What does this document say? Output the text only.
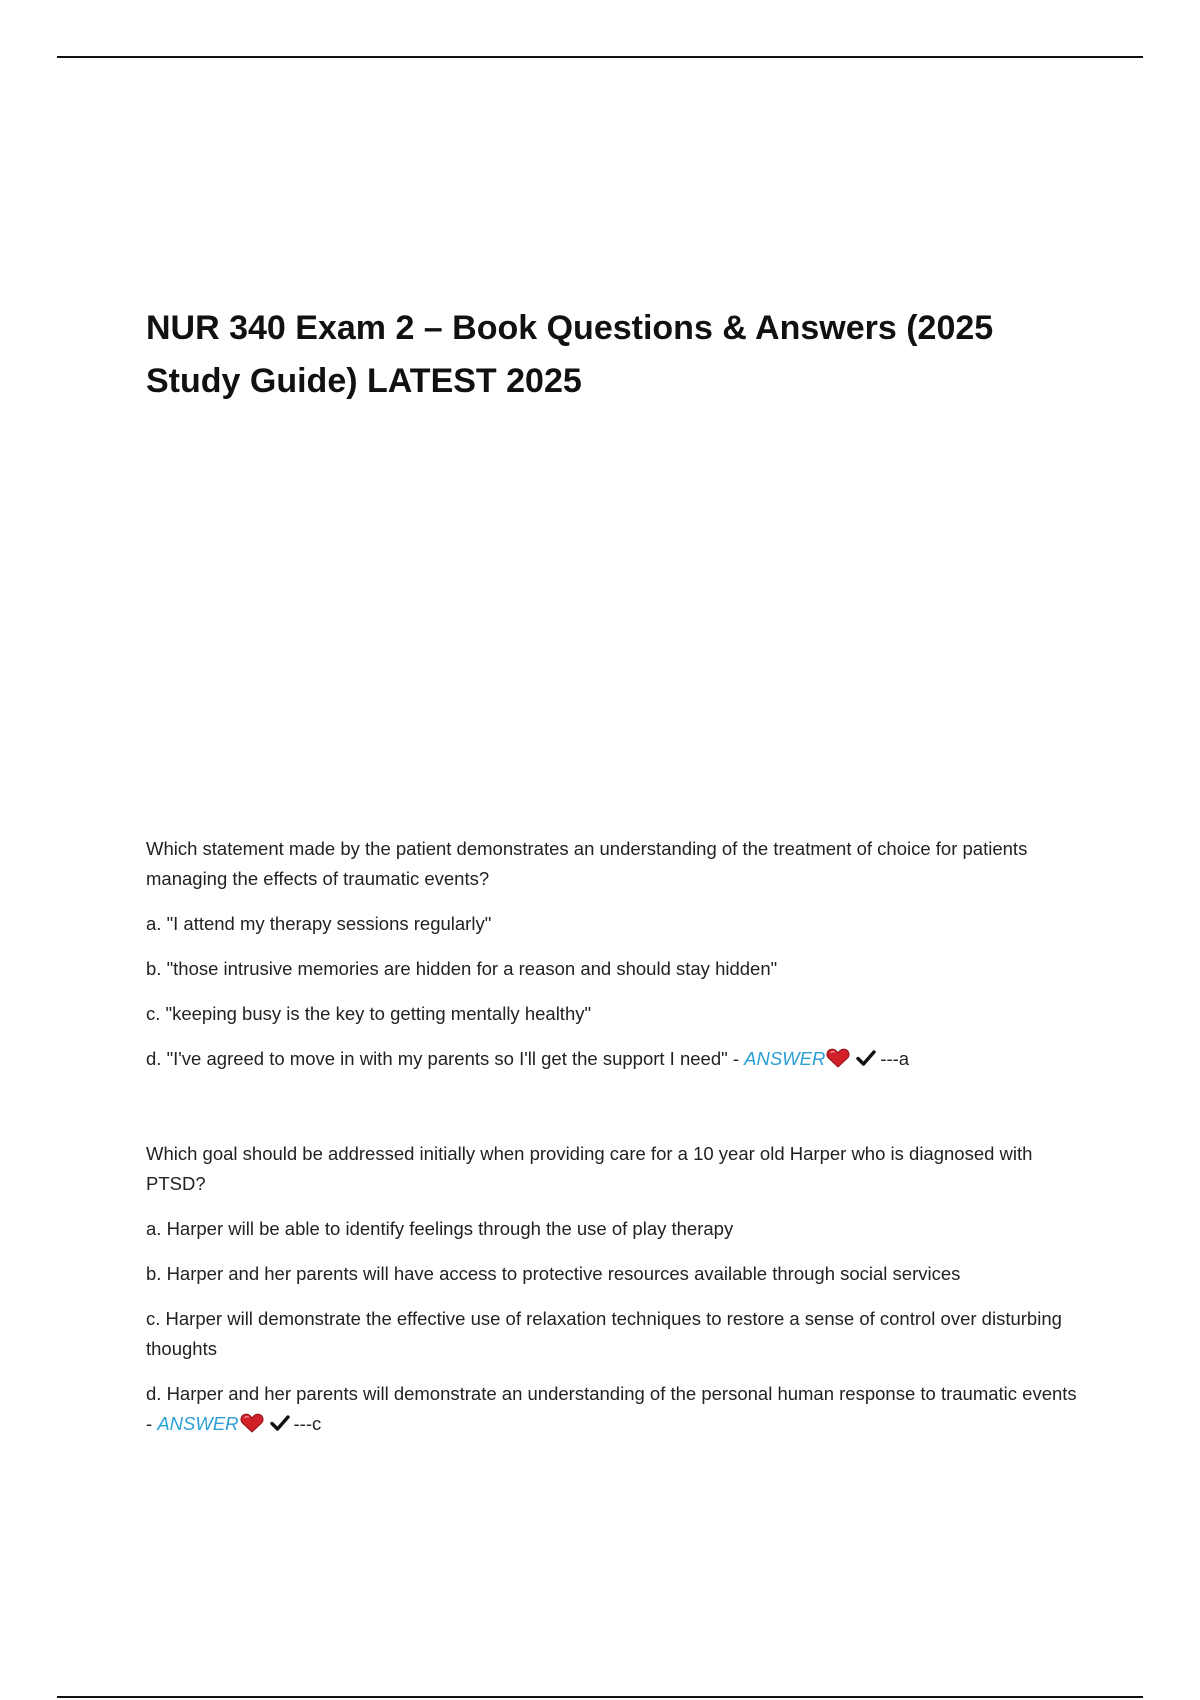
NUR 340 Exam 2 – Book Questions & Answers (2025 Study Guide) LATEST 2025

Which statement made by the patient demonstrates an understanding of the treatment of choice for patients managing the effects of traumatic events?

a. "I attend my therapy sessions regularly"

b. "those intrusive memories are hidden for a reason and should stay hidden"

c. "keeping busy is the key to getting mentally healthy"

d. "I've agreed to move in with my parents so I'll get the support I need" - ANSWER	---a

Which goal should be addressed initially when providing care for a 10 year old Harper who is diagnosed with PTSD?

a. Harper will be able to identify feelings through the use of play therapy

b. Harper and her parents will have access to protective resources available through social services

c. Harper will demonstrate the effective use of relaxation techniques to restore a sense of control over disturbing thoughts

d. Harper and her parents will demonstrate an understanding of the personal human response to traumatic events - ANSWER	---c
